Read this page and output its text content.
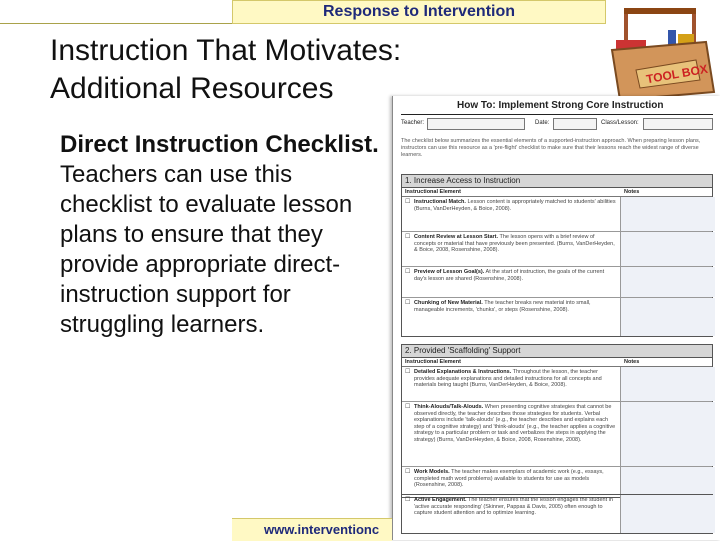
Response to Intervention
TOOL BOX
Instruction That Motivates:
Additional Resources
Direct Instruction Checklist. Teachers can use this checklist to evaluate lesson plans to ensure that they provide appropriate direct-instruction support for struggling learners.
How To: Implement Strong Core Instruction
Teacher:	Date:	Class/Lesson:
The checklist below summarizes the essential elements of a supported-instruction approach. When preparing lesson plans, instructors can use this resource as a 'pre-flight' checklist to make sure that their lessons reach the widest range of diverse learners.
1. Increase Access to Instruction
Instructional Element	Notes
☐ Instructional Match. Lesson content is appropriately matched to students' abilities (Burns, VanDerHeyden, & Boice, 2008).
☐ Content Review at Lesson Start. The lesson opens with a brief review of concepts or material that have previously been presented. (Burns, VanDerHeyden, & Boice, 2008, Rosenshine, 2008).
☐ Preview of Lesson Goal(s). At the start of instruction, the goals of the current day's lesson are shared (Rosenshine, 2008).
☐ Chunking of New Material. The teacher breaks new material into small, manageable increments, 'chunks', or steps (Rosenshine, 2008).
2. Provided 'Scaffolding' Support
Instructional Element	Notes
☐ Detailed Explanations & Instructions. Throughout the lesson, the teacher provides adequate explanations and detailed instructions for all concepts and materials being taught (Burns, VanDerHeyden, & Boice, 2008).
☐ Think-Alouds/Talk-Alouds. When presenting cognitive strategies that cannot be observed directly, the teacher describes those strategies for students. Verbal explanations include 'talk-alouds' (e.g., the teacher describes and explains each step of a cognitive strategy) and 'think-alouds' (e.g., the teacher applies a cognitive strategy to a particular problem or task and verbalizes the steps in applying the strategy) (Burns, VanDerHeyden, & Boice, 2008, Rosenshine, 2008).
☐ Work Models. The teacher makes exemplars of academic work (e.g., essays, completed math word problems) available to students for use as models (Rosenshine, 2008).
☐ Active Engagement. The teacher ensures that the lesson engages the student in 'active accurate responding' (Skinner, Pappas & Davis, 2005) often enough to capture student attention and to optimize learning.
www.interventionc
